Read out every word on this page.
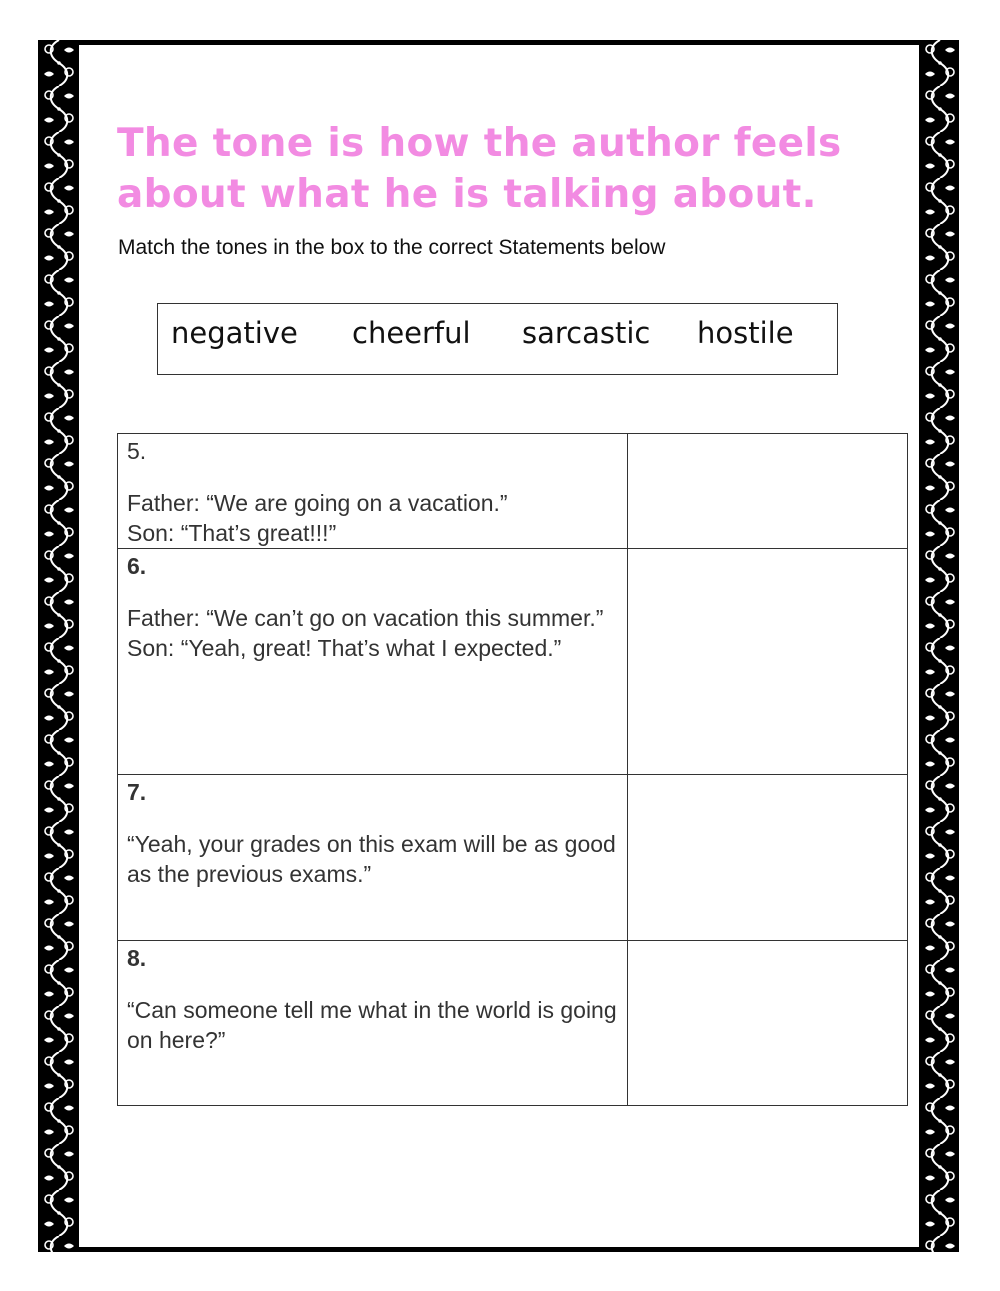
The tone is how the author feels about what he is talking about.

Match the tones in the box to the correct Statements below

negative cheerful sarcastic hostile

5.

Father: “We are going on a vacation.”

Son: “That’s great!!!”	

6.

Father: “We can’t go on vacation this summer.”

Son: “Yeah, great! That’s what I expected.”	

7.

“Yeah, your grades on this exam will be as good as the previous exams.”	

8.

“Can someone tell me what in the world is going on here?”	
